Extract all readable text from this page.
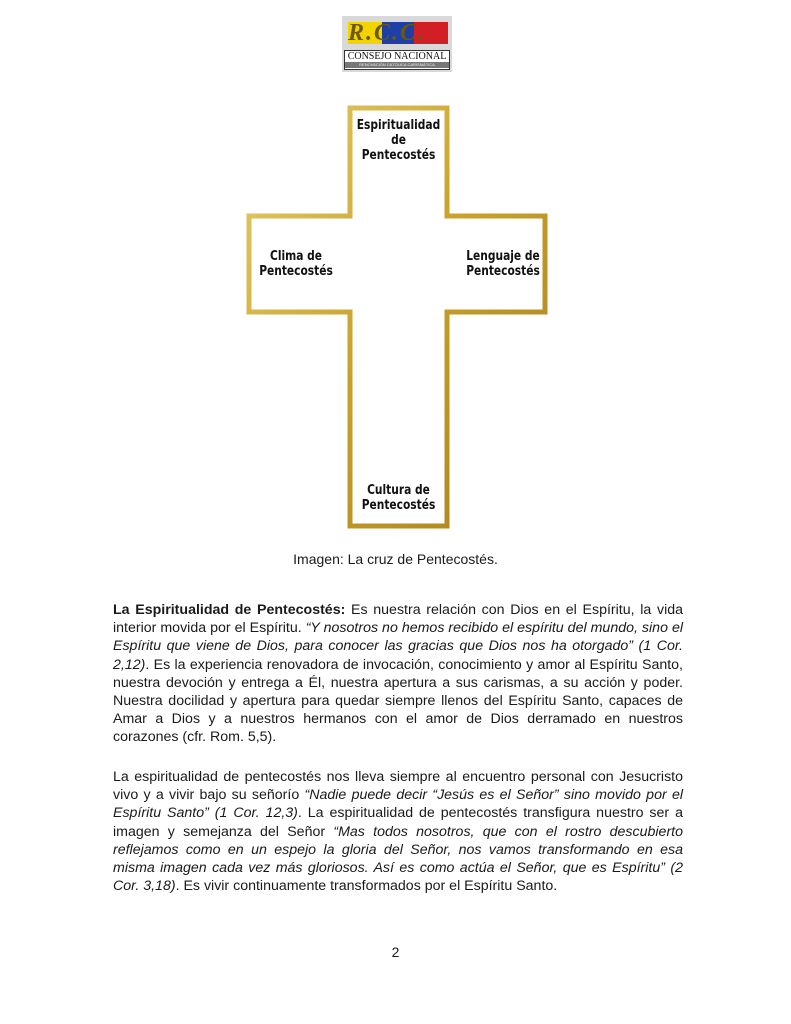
R.C.C.
CONSEJO NACIONAL
RENOVACIÓN CATÓLICA CARISMÁTICA
Espiritualidad
de
Pentecostés
Clima de
Pentecostés
Lenguaje de
Pentecostés
Cultura de
Pentecostés
Imagen: La cruz de Pentecostés.
La Espiritualidad de Pentecostés: Es nuestra relación con Dios en el Espíritu, la vida interior movida por el Espíritu. “Y nosotros no hemos recibido el espíritu del mundo, sino el Espíritu que viene de Dios, para conocer las gracias que Dios nos ha otorgado” (1 Cor. 2,12). Es la experiencia renovadora de invocación, conocimiento y amor al Espíritu Santo, nuestra devoción y entrega a Él, nuestra apertura a sus carismas, a su acción y poder. Nuestra docilidad y apertura para quedar siempre llenos del Espíritu Santo, capaces de Amar a Dios y a nuestros hermanos con el amor de Dios derramado en nuestros corazones (cfr. Rom. 5,5).
La espiritualidad de pentecostés nos lleva siempre al encuentro personal con Jesucristo vivo y a vivir bajo su señorío “Nadie puede decir “Jesús es el Señor” sino movido por el Espíritu Santo” (1 Cor. 12,3). La espiritualidad de pentecostés transfigura nuestro ser a imagen y semejanza del Señor “Mas todos nosotros, que con el rostro descubierto reflejamos como en un espejo la gloria del Señor, nos vamos transformando en esa misma imagen cada vez más gloriosos. Así es como actúa el Señor, que es Espíritu” (2 Cor. 3,18). Es vivir continuamente transformados por el Espíritu Santo.
2
